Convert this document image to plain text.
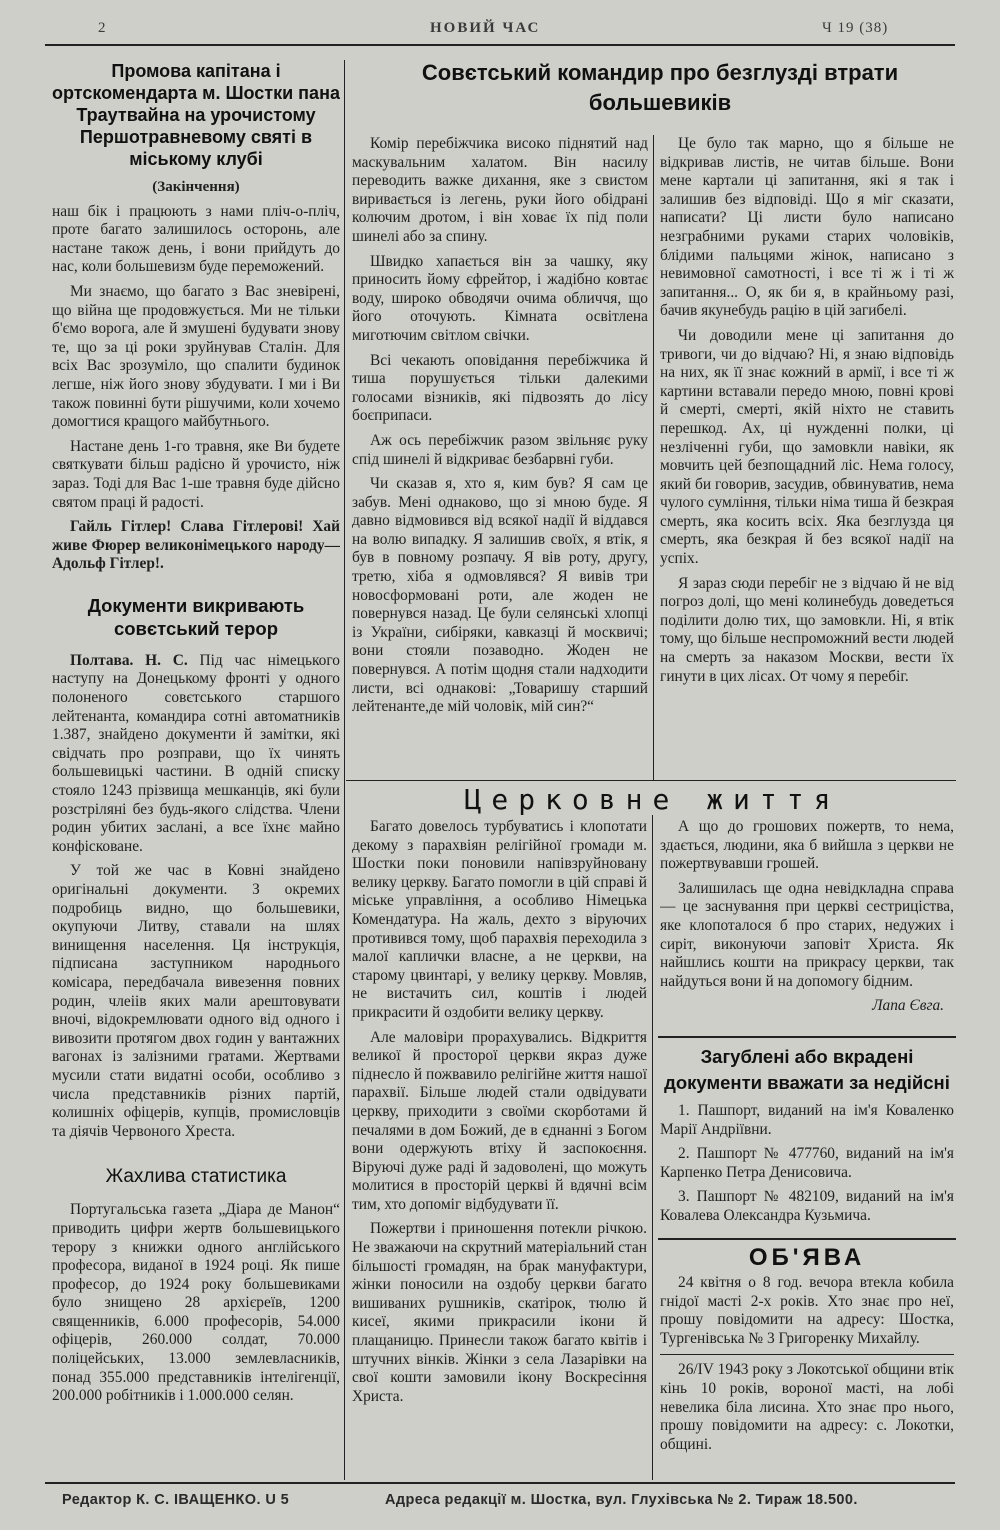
2	НОВИЙ ЧАС	Ч 19 (38)
Промова капітана і ортскомендарта м. Шостки пана Траутвайна на урочистому Першотравневому святі в міському клубі
(Закінчення)

наш бік і працюють з нами пліч-о-пліч, проте багато залишилось осторонь, але настане також день, і вони прийдуть до нас, коли большевизм буде переможений.

Ми знаємо, що багато з Вас зневірені, що війна ще продовжується. Ми не тільки б'ємо ворога, але й змушені будувати знову те, що за ці роки зруйнував Сталін. Для всіх Вас зрозуміло, що спалити будинок легше, ніж його знову збудувати. І ми і Ви також повинні бути рішучими, коли хочемо домогтися кращого майбутнього.

Настане день 1-го травня, яке Ви будете святкувати більш радісно й урочисто, ніж зараз. Тоді для Вас 1-ше травня буде дійсно святом праці й радості.

Гайль Гітлер! Слава Гітлерові! Хай живе Фюрер великонімецького народу—Адольф Гітлер!.

Документи викривають совєтський терор

Полтава. Н. С. Під час німецького наступу на Донецькому фронті у одного полоненого совєтського старшого лейтенанта, командира сотні автоматників 1.387, знайдено документи й замітки, які свідчать про розправи, що їх чинять большевицькі частини. В одній списку стояло 1243 прізвища мешканців, які були розстріляні без будь-якого слідства. Члени родин убитих заслані, а все їхнє майно конфісковане.

У той же час в Ковні знайдено оригінальні документи. З окремих подробиць видно, що большевики, окупуючи Литву, ставали на шлях винищення населення. Ця інструкція, підписана заступником народнього комісара, передбачала вивезення повних родин, члеіів яких мали арештовувати вночі, відокремлювати одного від одного і вивозити протягом двох годин у вантажних вагонах із залізними гратами. Жертвами мусили стати видатні особи, особливо з числа представників різних партій, колишніх офіцерів, купців, промисловців та діячів Червоного Хреста.

Жахлива статистика

Португальська газета „Діара де Манон“ приводить цифри жертв большевицького терору з книжки одного англійського професора, виданої в 1924 році. Як пише професор, до 1924 року большевиками було знищено 28 архієреїв, 1200 священників, 6.000 професорів, 54.000 офіцерів, 260.000 солдат, 70.000 поліцейських, 13.000 землевласників, понад 355.000 представників інтелігенції, 200.000 робітників і 1.000.000 селян.

Совєтський командир про безглузді втрати большевиків

Комір перебіжчика високо піднятий над маскувальним халатом. Він насилу переводить важке дихання, яке з свистом виривається із легень, руки його обідрані колючим дротом, і він ховає їх під поли шинелі або за спину.

Швидко хапається він за чашку, яку приносить йому єфрейтор, і жадібно ковтає воду, широко обводячи очима обличчя, що його оточують. Кімната освітлена миготючим світлом свічки.

Всі чекають оповідання перебіжчика й тиша порушується тільки далекими голосами візників, які підвозять до лісу боєприпаси.

Аж ось перебіжчик разом звільняє руку спід шинелі й відкриває безбарвні губи.

Чи сказав я, хто я, ким був? Я сам це забув. Мені однаково, що зі мною буде. Я давно відмовився від всякої надії й віддався на волю випадку. Я залишив своїх, я втік, я був в повному розпачу. Я вів роту, другу, третю, хіба я одмовлявся? Я вивів три новосформовані роти, але жоден не повернувся назад. Це були селянські хлопці із України, сибіряки, кавказці й москвичі; вони стояли позаводно. Жоден не повернувся. А потім щодня стали надходити листи, всі однакові: „Товаришу старший лейтенанте,де мій чоловік, мій син?“

Це було так марно, що я більше не відкривав листів, не читав більше. Вони мене картали ці запитання, які я так і залишив без відповіді. Що я міг сказати, написати? Ці листи було написано незграбними руками старих чоловіків, блідими пальцями жінок, написано з невимовної самотності, і все ті ж і ті ж запитання... О, як би я, в крайньому разі, бачив якунебудь рацію в цій загибелі.

Чи доводили мене ці запитання до тривоги, чи до відчаю? Ні, я знаю відповідь на них, як її знає кожний в армії, і все ті ж картини вставали передо мною, повні крові й смерті, смерті, якій ніхто не ставить перешкод. Ах, ці нужденні полки, ці незліченні губи, що замовкли навіки, як мовчить цей безпощадний ліс. Нема голосу, який би говорив, засудив, обвинуватив, нема чулого сумління, тільки німа тиша й безкрая смерть, яка косить всіх. Яка безглузда ця смерть, яка безкрая й без всякої надії на успіх.

Я зараз сюди перебіг не з відчаю й не від погроз долі, що мені колинебудь доведеться поділити долю тих, що замовкли. Ні, я втік тому, що більше неспроможний вести людей на смерть за наказом Москви, вести їх гинути в цих лісах. От чому я перебіг.

Церковне життя

Багато довелось турбуватись і клопотати декому з парахвіян релігійної громади м. Шостки поки поновили напівзруйновану велику церкву. Багато помогли в цій справі й міське управління, а особливо Німецька Комендатура. На жаль, дехто з віруючих противився тому, щоб парахвія переходила з малої каплички власне, а не церкви, на старому цвинтарі, у велику церкву. Мовляв, не вистачить сил, коштів і людей прикрасити й оздобити велику церкву.

Але маловіри прорахувались. Відкриття великої й просторої церкви якраз дуже піднесло й пожвавило релігійне життя нашої парахвії. Більше людей стали одвідувати церкву, приходити з своїми скорботами й печалями в дом Божий, де в єднанні з Богом вони одержують втіху й заспокоєння. Віруючі дуже раді й задоволені, що можуть молитися в просторій церкві й вдячні всім тим, хто допоміг відбудувати її.

Пожертви і приношення потекли річкою. Не зважаючи на скрутний матеріальний стан більшості громадян, на брак мануфактури, жінки поносили на оздобу церкви багато вишиваних рушників, скатірок, тюлю й кисеї, якими прикрасили ікони й плащаницю. Принесли також багато квітів і штучних вінків. Жінки з села Лазарівки на свої кошти замовили ікону Воскресіння Христа.

А що до грошових пожертв, то нема, здається, людини, яка б вийшла з церкви не пожертвувавши грошей.

Залишилась ще одна невідкладна справа — це заснування при церкві сестриціства, яке клопоталося б про старих, недужих і сиріт, виконуючи заповіт Христа. Як найшлись кошти на прикрасу церкви, так найдуться вони й на допомогу бідним.

Лапа Євга.
Загублені або вкрадені документи вважати за недійсні

1. Пашпорт, виданий на ім'я Коваленко Марії Андріївни.

2. Пашпорт № 477760, виданий на ім'я Карпенко Петра Денисовича.

3. Пашпорт № 482109, виданий на ім'я Ковалева Олександра Кузьмича.

ОБ'ЯВА

24 квітня о 8 год. вечора втекла кобила гнідої масті 2-х років. Хто знає про неї, прошу повідомити на адресу: Шостка, Тургенівська № 3 Григоренку Михайлу.

26/IV 1943 року з Локотської общини втік кінь 10 років, вороної масті, на лобі невелика біла лисина. Хто знає про нього, прошу повідомити на адресу: с. Локотки, общині.

Редактор К. С. ІВАЩЕНКО. U 5	Адреса редакції м. Шостка, вул. Глухівська № 2. Тираж 18.500.
